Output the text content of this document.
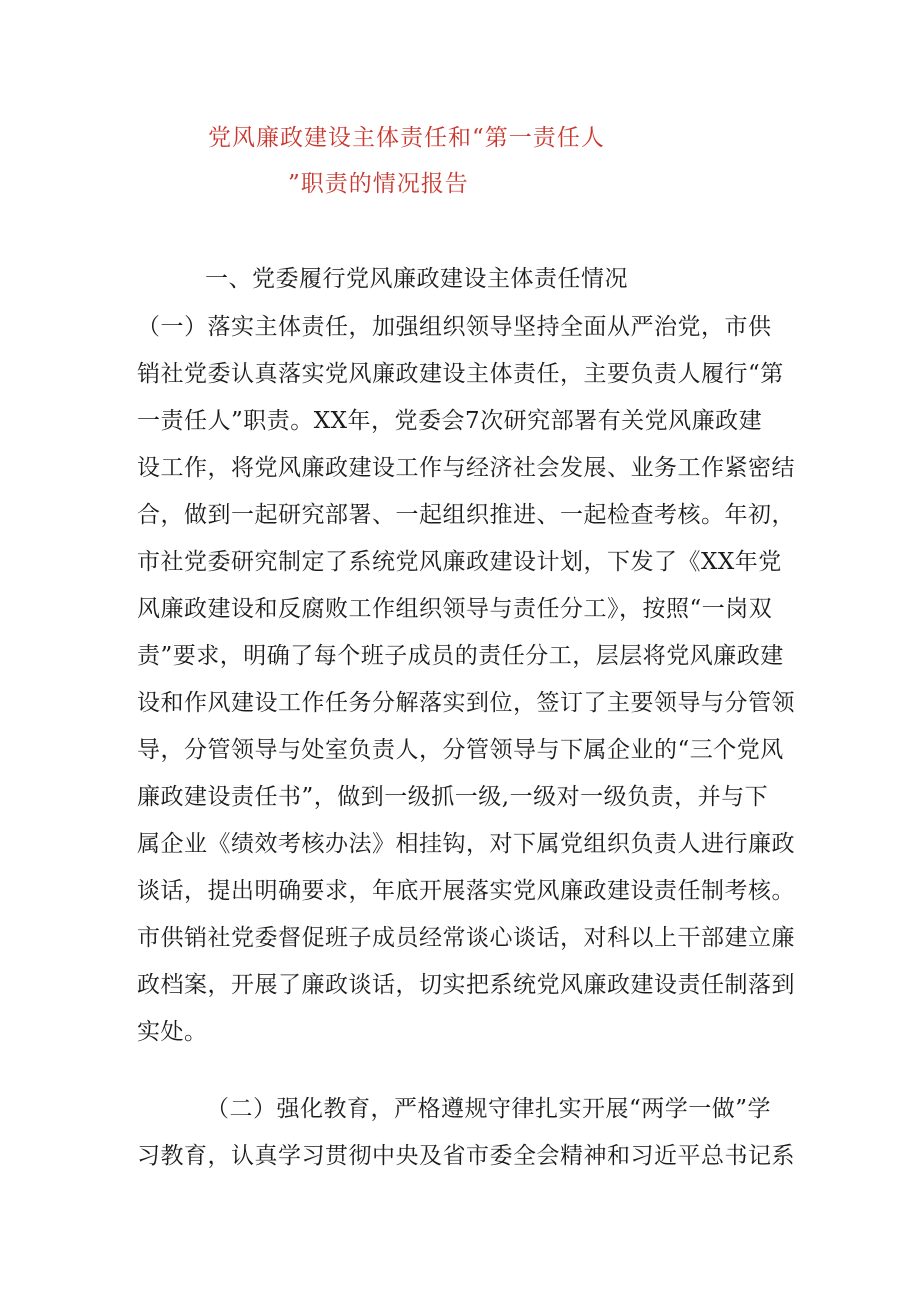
党风廉政建设主体责任和“第一责任人
”职责的情况报告
一、党委履行党风廉政建设主体责任情况
（一）落实主体责任，加强组织领导坚持全面从严治党，市供
销社党委认真落实党风廉政建设主体责任，主要负责人履行“第
一责任人”职责。XX年，党委会7次研究部署有关党风廉政建
设工作，将党风廉政建设工作与经济社会发展、业务工作紧密结
合，做到一起研究部署、一起组织推进、一起检查考核。年初，
市社党委研究制定了系统党风廉政建设计划，下发了《XX年党
风廉政建设和反腐败工作组织领导与责任分工》，按照“一岗双
责”要求，明确了每个班子成员的责任分工，层层将党风廉政建
设和作风建设工作任务分解落实到位，签订了主要领导与分管领
导，分管领导与处室负责人，分管领导与下属企业的“三个党风
廉政建设责任书”，做到一级抓一级,一级对一级负责，并与下
属企业《绩效考核办法》相挂钩，对下属党组织负责人进行廉政
谈话，提出明确要求，年底开展落实党风廉政建设责任制考核。
市供销社党委督促班子成员经常谈心谈话，对科以上干部建立廉
政档案，开展了廉政谈话，切实把系统党风廉政建设责任制落到
实处。
（二）强化教育，严格遵规守律扎实开展“两学一做”学
习教育，认真学习贯彻中央及省市委全会精神和习近平总书记系
